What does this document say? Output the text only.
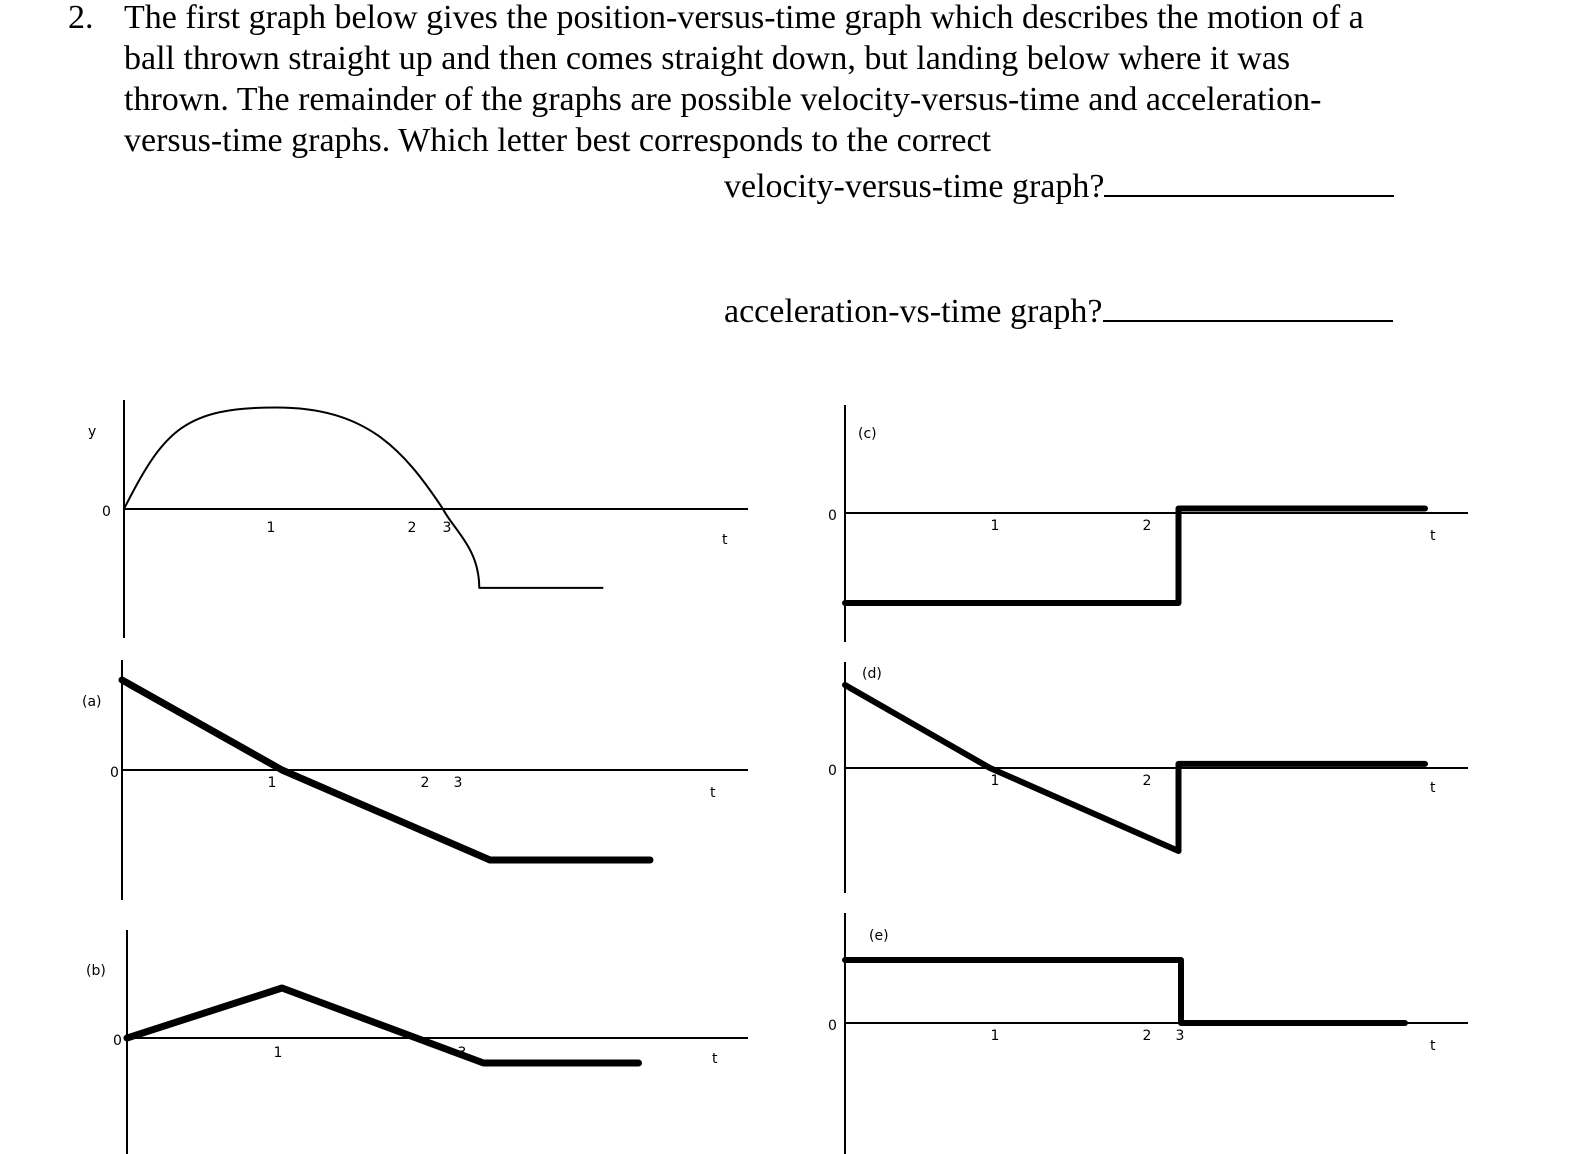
2. The first graph below gives the position-versus-time graph which describes the motion of a
ball thrown straight up and then comes straight down, but landing below where it was
thrown. The remainder of the graphs are possible velocity-versus-time and acceleration-
versus-time graphs. Which letter best corresponds to the correct
velocity-versus-time graph?
acceleration-vs-time graph?
0
t
1	2 3
y
0
t
1	2 3
(a)
0
t
1	3
(b)
0
t
1	2
(c)
0
t
1	2
(d)
0
t
1	2 3
(e)
